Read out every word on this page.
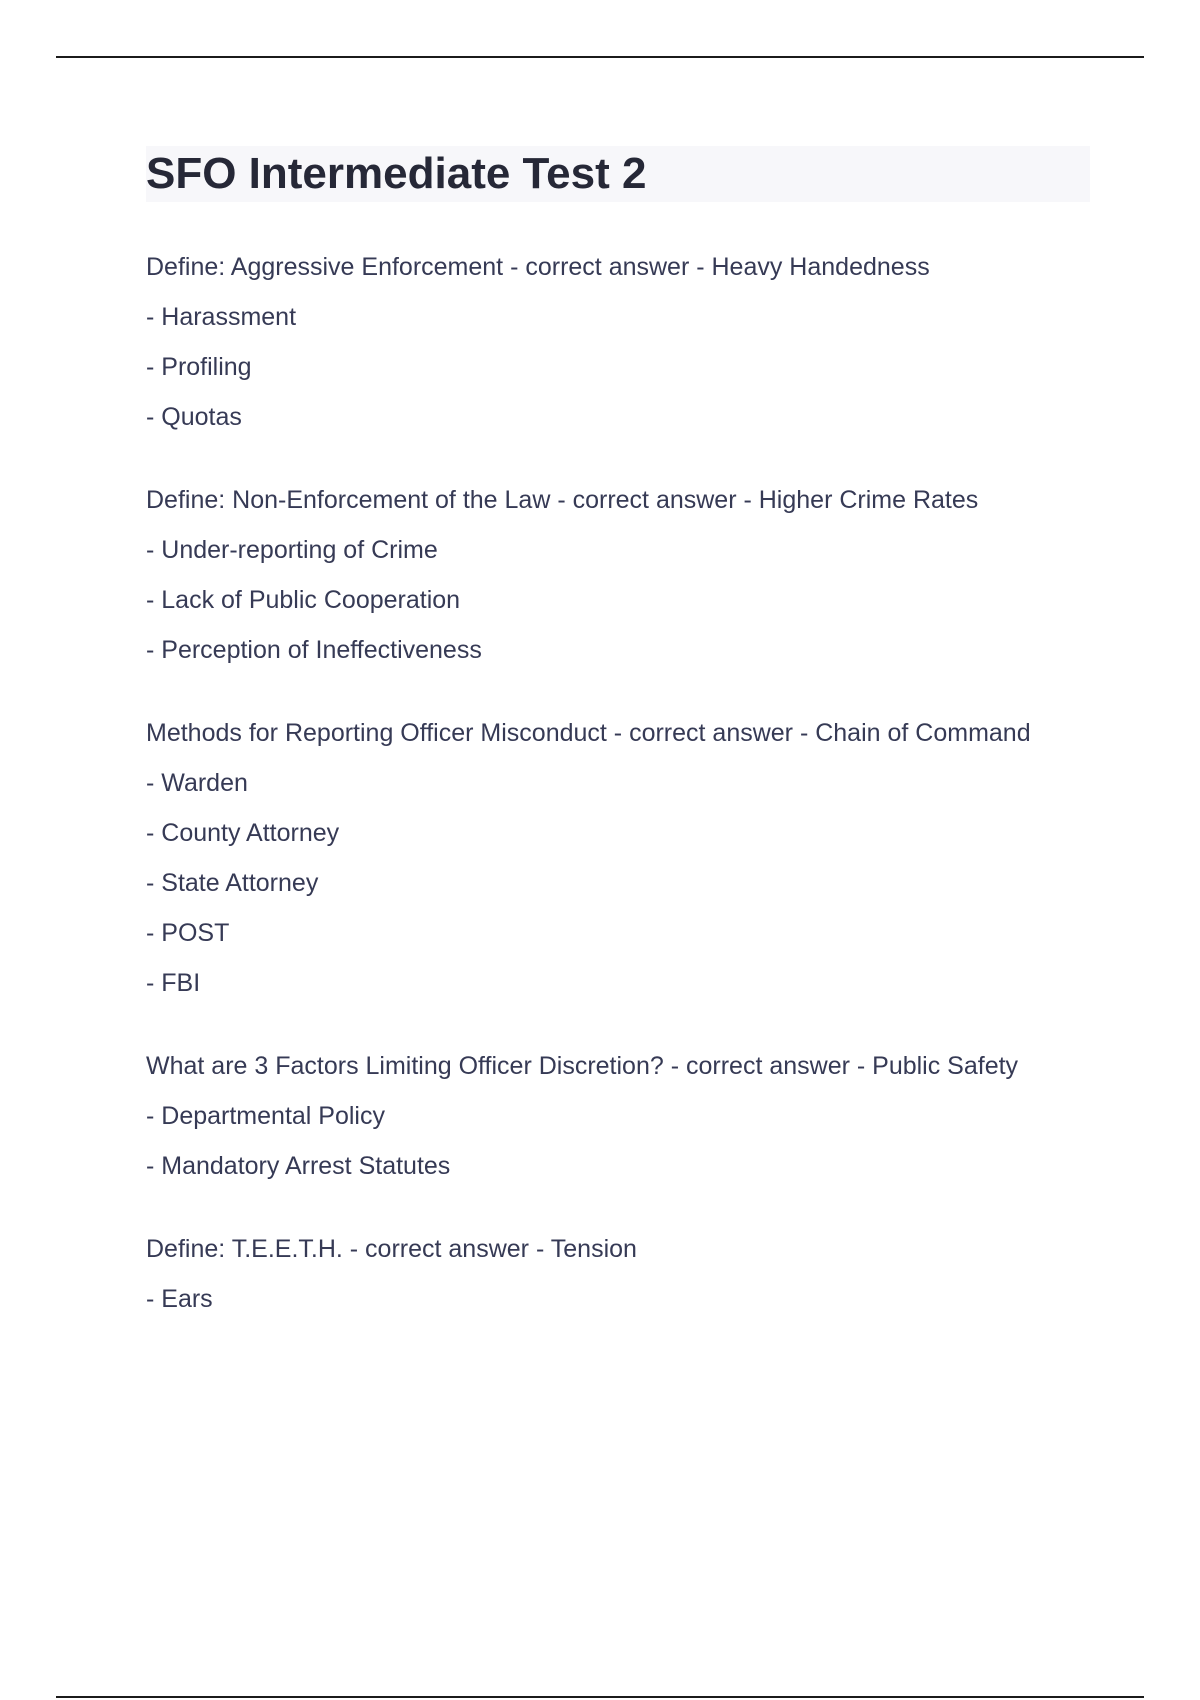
SFO Intermediate Test 2

Define: Aggressive Enforcement - correct answer - Heavy Handedness

- Harassment

- Profiling

- Quotas

Define: Non-Enforcement of the Law - correct answer - Higher Crime Rates

- Under-reporting of Crime

- Lack of Public Cooperation

- Perception of Ineffectiveness

Methods for Reporting Officer Misconduct - correct answer - Chain of Command

- Warden

- County Attorney

- State Attorney

- POST

- FBI

What are 3 Factors Limiting Officer Discretion? - correct answer - Public Safety

- Departmental Policy

- Mandatory Arrest Statutes

Define: T.E.E.T.H. - correct answer - Tension

- Ears
